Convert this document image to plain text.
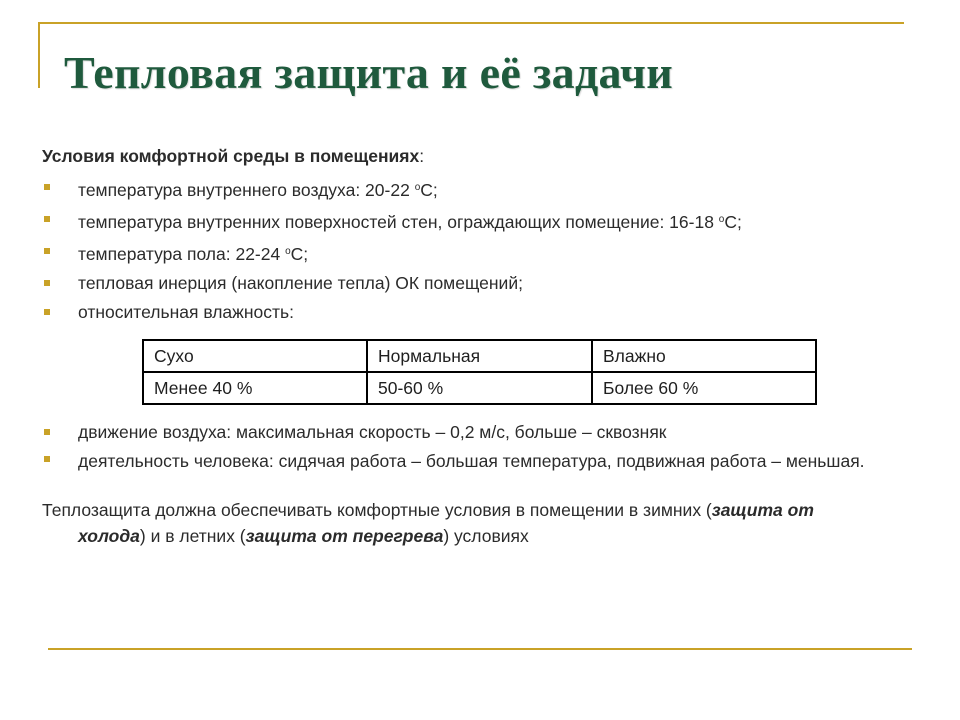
Тепловая защита и её задачи
Условия комфортной среды в помещениях:
температура внутреннего воздуха: 20-22 $^о$С;
температура внутренних поверхностей стен, ограждающих помещение: 16-18 $^о$С;
температура пола: 22-24 $^о$С;
тепловая инерция (накопление тепла) ОК помещений;
относительная влажность:
Сухо	Нормальная	Влажно
Менее 40 %	50-60 %	Более 60 %
движение воздуха: максимальная скорость – 0,2 м/с, больше – сквозняк
деятельность человека: сидячая работа – большая температура, подвижная работа – меньшая.
Теплозащита должна обеспечивать комфортные условия в помещении в зимних (защита от холода) и в летних (защита от перегрева) условиях
